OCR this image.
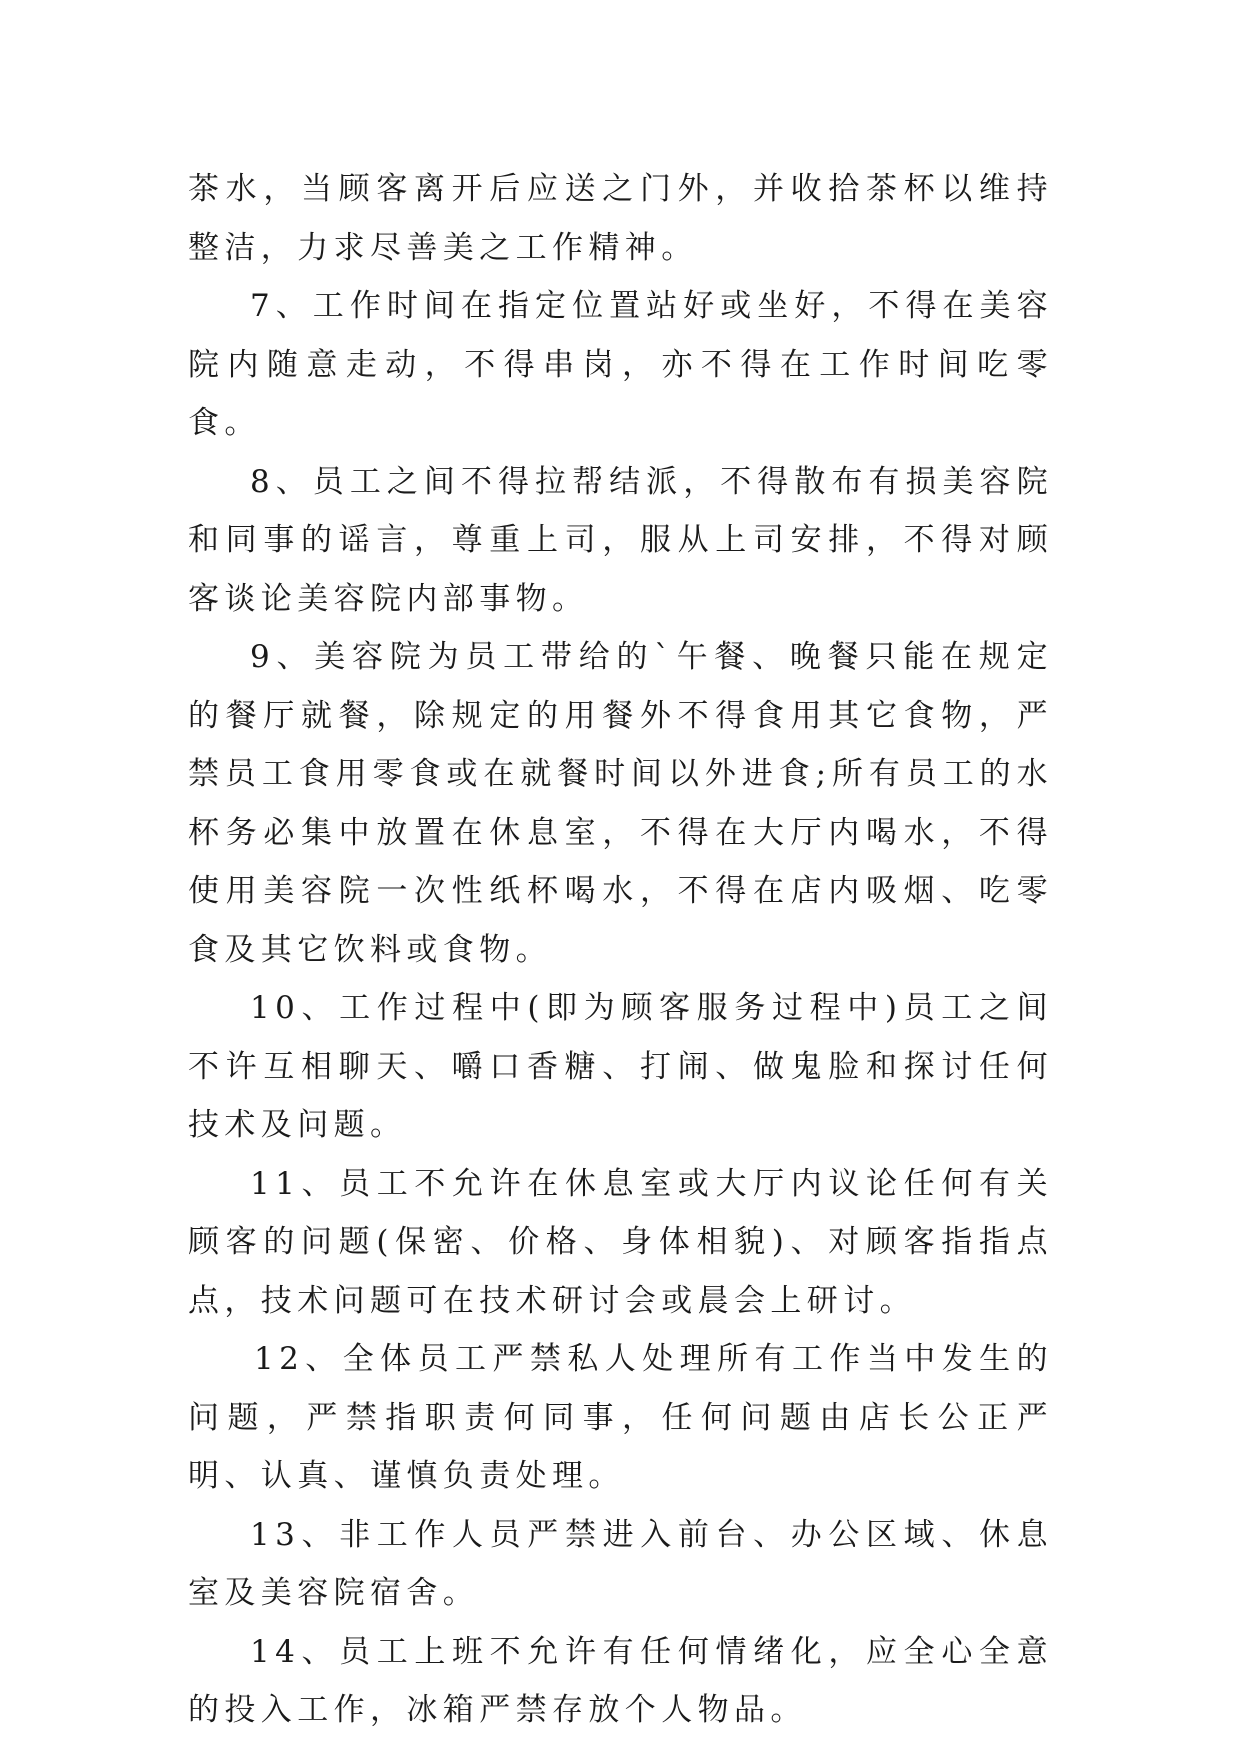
茶水，当顾客离开后应送之门外，并收拾茶杯以维持整洁，力求尽善美之工作精神。

7、工作时间在指定位置站好或坐好，不得在美容院内随意走动，不得串岗，亦不得在工作时间吃零食。

8、员工之间不得拉帮结派，不得散布有损美容院和同事的谣言，尊重上司，服从上司安排，不得对顾客谈论美容院内部事物。

9、美容院为员工带给的`午餐、晚餐只能在规定的餐厅就餐，除规定的用餐外不得食用其它食物，严禁员工食用零食或在就餐时间以外进食;所有员工的水杯务必集中放置在休息室，不得在大厅内喝水，不得使用美容院一次性纸杯喝水，不得在店内吸烟、吃零食及其它饮料或食物。

10、工作过程中(即为顾客服务过程中)员工之间不许互相聊天、嚼口香糖、打闹、做鬼脸和探讨任何技术及问题。

11、员工不允许在休息室或大厅内议论任何有关顾客的问题(保密、价格、身体相貌)、对顾客指指点点，技术问题可在技术研讨会或晨会上研讨。

12、全体员工严禁私人处理所有工作当中发生的问题，严禁指职责何同事，任何问题由店长公正严明、认真、谨慎负责处理。

13、非工作人员严禁进入前台、办公区域、休息室及美容院宿舍。

14、员工上班不允许有任何情绪化，应全心全意的投入工作，冰箱严禁存放个人物品。
